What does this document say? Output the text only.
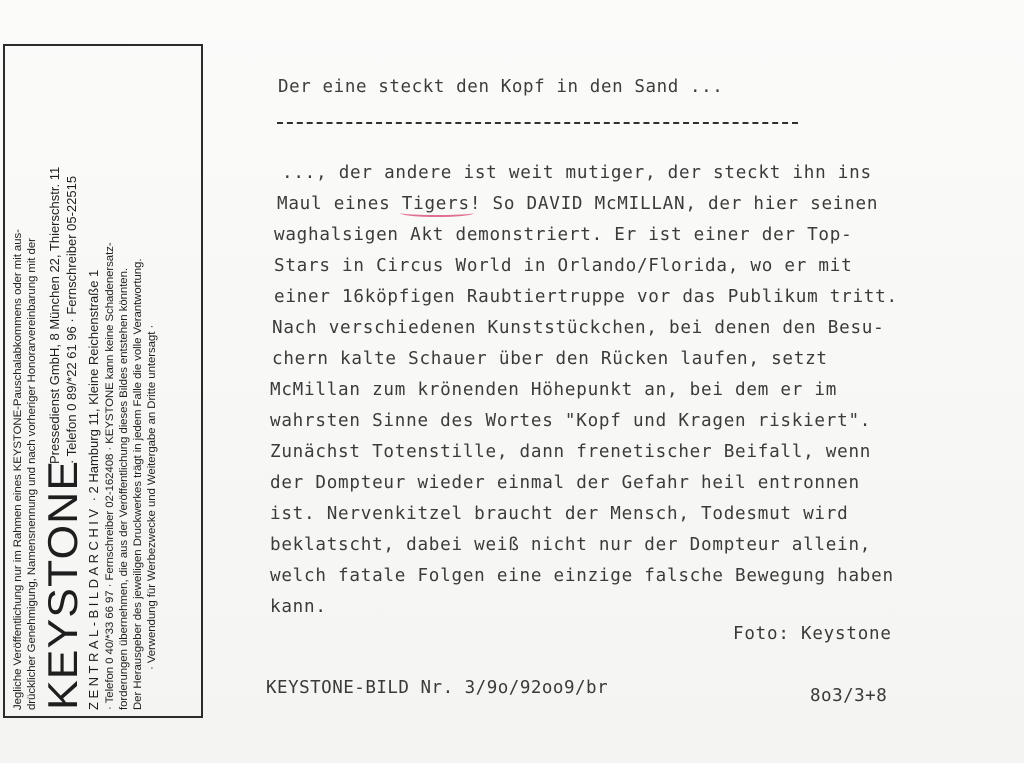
Jegliche Veröffentlichung nur im Rahmen eines KEYSTONE-Pauschalabkommens oder mit aus- drücklicher Genehmigung, Namensnennung und nach vorheriger Honorarvereinbarung mit der KEYSTONE
Pressedienst GmbH, 8 München 22, Thierschstr. 11 · Telefon 0 89/*22 61 96 · Fernschreiber 05-22515
ZENTRAL-BILDARCHIV
· 2 Hamburg 11, Kleine Reichenstraße 1 · Telefon 0 40/*33 66 97 · Fernschreiber 02-162408 · KEYSTONE kann keine Schadenersatz- forderungen übernehmen, die aus der Veröffentlichung dieses Bildes entstehen könnten. Der Herausgeber des jeweiligen Druckwerkes trägt in jedem Falle die volle Verantwortung. · Verwendung für Werbezwecke und Weitergabe an Dritte untersagt ·
Der eine steckt den Kopf in den Sand ...
..., der andere ist weit mutiger, der steckt ihn ins
Maul eines Tigers! So DAVID McMILLAN, der hier seinen
waghalsigen Akt demonstriert. Er ist einer der Top-
Stars in Circus World in Orlando/Florida, wo er mit
einer 16köpfigen Raubtiertruppe vor das Publikum tritt.
Nach verschiedenen Kunststückchen, bei denen den Besu-
chern kalte Schauer über den Rücken laufen, setzt
McMillan zum krönenden Höhepunkt an, bei dem er im
wahrsten Sinne des Wortes "Kopf und Kragen riskiert".
Zunächst Totenstille, dann frenetischer Beifall, wenn
der Dompteur wieder einmal der Gefahr heil entronnen
ist. Nervenkitzel braucht der Mensch, Todesmut wird
beklatscht, dabei weiß nicht nur der Dompteur allein,
welch fatale Folgen eine einzige falsche Bewegung haben
kann.
Foto: Keystone
KEYSTONE-BILD Nr. 3/9o/92oo9/br	8o3/3+8
